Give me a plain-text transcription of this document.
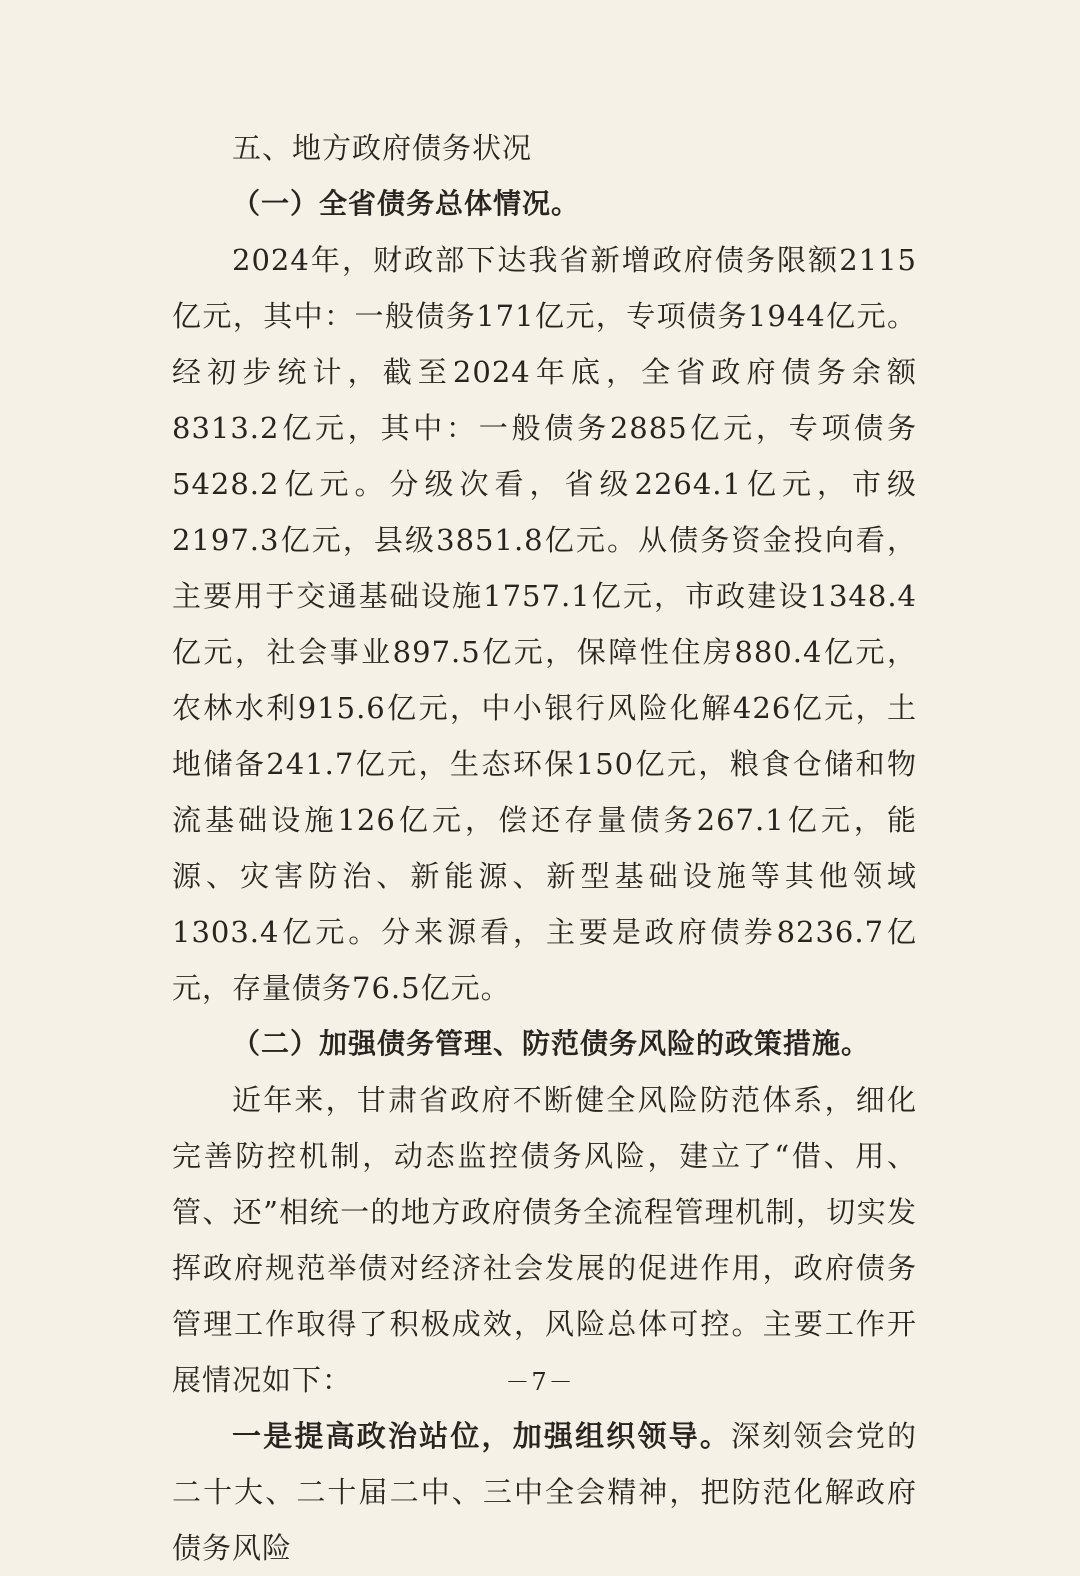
五、地方政府债务状况
（一）全省债务总体情况。

2024年，财政部下达我省新增政府债务限额2115亿元，其中：一般债务171亿元，专项债务1944亿元。经初步统计，截至2024年底，全省政府债务余额8313.2亿元，其中：一般债务2885亿元，专项债务5428.2亿元。分级次看，省级2264.1亿元，市级2197.3亿元，县级3851.8亿元。从债务资金投向看，主要用于交通基础设施1757.1亿元，市政建设1348.4亿元，社会事业897.5亿元，保障性住房880.4亿元，农林水利915.6亿元，中小银行风险化解426亿元，土地储备241.7亿元，生态环保150亿元，粮食仓储和物流基础设施126亿元，偿还存量债务267.1亿元，能源、灾害防治、新能源、新型基础设施等其他领域1303.4亿元。分来源看，主要是政府债券8236.7亿元，存量债务76.5亿元。

（二）加强债务管理、防范债务风险的政策措施。

近年来，甘肃省政府不断健全风险防范体系，细化完善防控机制，动态监控债务风险，建立了“借、用、管、还”相统一的地方政府债务全流程管理机制，切实发挥政府规范举债对经济社会发展的促进作用，政府债务管理工作取得了积极成效，风险总体可控。主要工作开展情况如下：

一是提高政治站位，加强组织领导。深刻领会党的二十大、二十届二中、三中全会精神，把防范化解政府债务风险

－7－
